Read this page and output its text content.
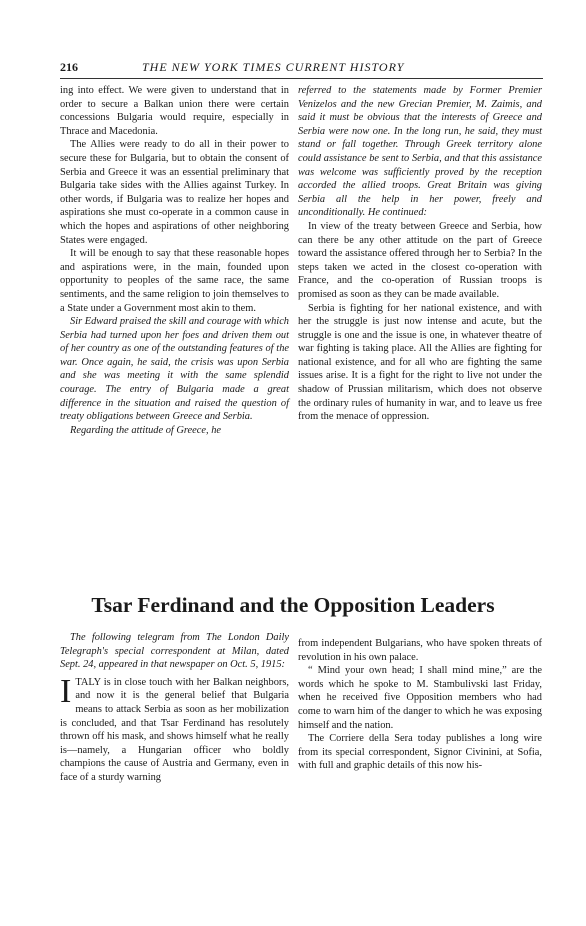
216	THE NEW YORK TIMES CURRENT HISTORY

ing into effect. We were given to understand that in order to secure a Balkan union there were certain concessions Bulgaria would require, especially in Thrace and Macedonia.

The Allies were ready to do all in their power to secure these for Bulgaria, but to obtain the consent of Serbia and Greece it was an essential preliminary that Bulgaria take sides with the Allies against Turkey. In other words, if Bulgaria was to realize her hopes and aspirations she must co-operate in a common cause in which the hopes and aspirations of other neighboring States were engaged.

It will be enough to say that these reasonable hopes and aspirations were, in the main, founded upon opportunity to peoples of the same race, the same sentiments, and the same religion to join themselves to a State under a Government most akin to them.

Sir Edward praised the skill and courage with which Serbia had turned upon her foes and driven them out of her country as one of the outstanding features of the war. Once again, he said, the crisis was upon Serbia and she was meeting it with the same splendid courage. The entry of Bulgaria made a great difference in the situation and raised the question of treaty obligations between Greece and Serbia.

Regarding the attitude of Greece, he

referred to the statements made by Former Premier Venizelos and the new Grecian Premier, M. Zaimis, and said it must be obvious that the interests of Greece and Serbia were now one. In the long run, he said, they must stand or fall together. Through Greek territory alone could assistance be sent to Serbia, and that this assistance was welcome was sufficiently proved by the reception accorded the allied troops. Great Britain was giving Serbia all the help in her power, freely and unconditionally. He continued:

In view of the treaty between Greece and Serbia, how can there be any other attitude on the part of Greece toward the assistance offered through her to Serbia? In the steps taken we acted in the closest co-operation with France, and the co-operation of Russian troops is promised as soon as they can be made available.

Serbia is fighting for her national existence, and with her the struggle is just now intense and acute, but the struggle is one and the issue is one, in whatever theatre of war fighting is taking place. All the Allies are fighting for national existence, and for all who are fighting the same issues arise. It is a fight for the right to live not under the shadow of Prussian militarism, which does not observe the ordinary rules of humanity in war, and to leave us free from the menace of oppression.

Tsar Ferdinand and the Opposition Leaders

The following telegram from The London Daily Telegraph's special correspondent at Milan, dated Sept. 24, appeared in that newspaper on Oct. 5, 1915:

ITALY is in close touch with her Balkan neighbors, and now it is the general belief that Bulgaria means to attack Serbia as soon as her mobilization is concluded, and that Tsar Ferdinand has resolutely thrown off his mask, and shows himself what he really is—namely, a Hungarian officer who boldly champions the cause of Austria and Germany, even in face of a sturdy warning

from independent Bulgarians, who have spoken threats of revolution in his own palace.

“ Mind your own head; I shall mind mine,” are the words which he spoke to M. Stambulivski last Friday, when he received five Opposition members who had come to warn him of the danger to which he was exposing himself and the nation.

The Corriere della Sera today publishes a long wire from its special correspondent, Signor Civinini, at Sofia, with full and graphic details of this now his-
